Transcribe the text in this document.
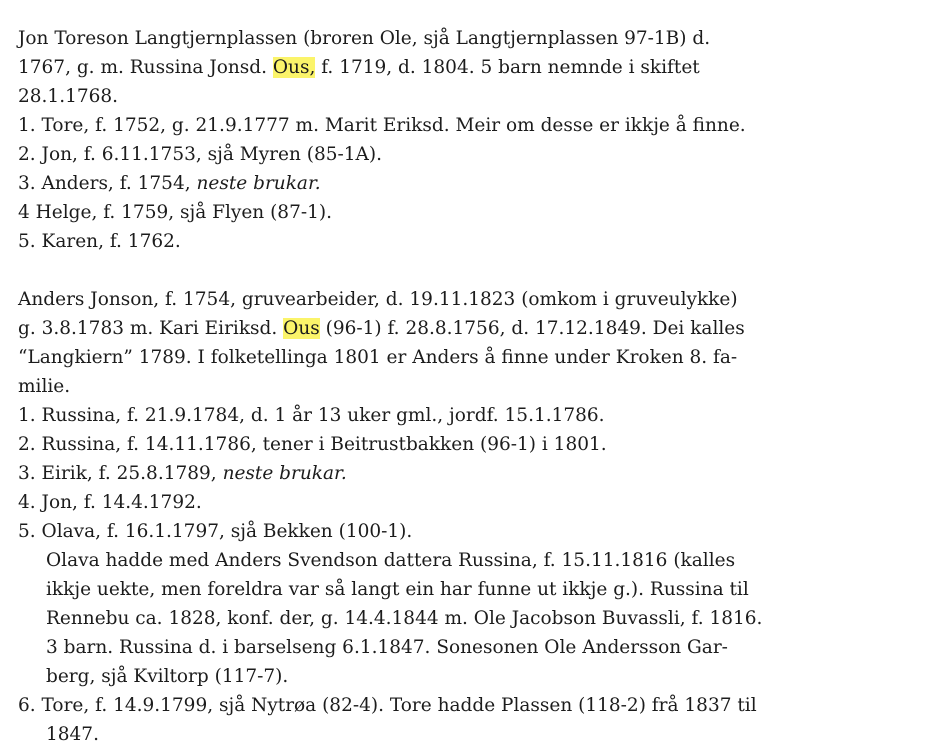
Jon Toreson Langtjernplassen (broren Ole, sjå Langtjernplassen 97-1B) d.
1767, g. m. Russina Jonsd. Ous, f. 1719, d. 1804. 5 barn nemnde i skiftet
28.1.1768.
1. Tore, f. 1752, g. 21.9.1777 m. Marit Eriksd. Meir om desse er ikkje å finne.
2. Jon, f. 6.11.1753, sjå Myren (85-1A).
3. Anders, f. 1754, neste brukar.
4 Helge, f. 1759, sjå Flyen (87-1).
5. Karen, f. 1762.
Anders Jonson, f. 1754, gruvearbeider, d. 19.11.1823 (omkom i gruveulykke)
g. 3.8.1783 m. Kari Eiriksd. Ous (96-1) f. 28.8.1756, d. 17.12.1849. Dei kalles
“Langkiern” 1789. I folketellinga 1801 er Anders å finne under Kroken 8. fa-
milie.
1. Russina, f. 21.9.1784, d. 1 år 13 uker gml., jordf. 15.1.1786.
2. Russina, f. 14.11.1786, tener i Beitrustbakken (96-1) i 1801.
3. Eirik, f. 25.8.1789, neste brukar.
4. Jon, f. 14.4.1792.
5. Olava, f. 16.1.1797, sjå Bekken (100-1).
Olava hadde med Anders Svendson dattera Russina, f. 15.11.1816 (kalles
ikkje uekte, men foreldra var så langt ein har funne ut ikkje g.). Russina til
Rennebu ca. 1828, konf. der, g. 14.4.1844 m. Ole Jacobson Buvassli, f. 1816.
3 barn. Russina d. i barselseng 6.1.1847. Sonesonen Ole Andersson Gar-
berg, sjå Kviltorp (117-7).
6. Tore, f. 14.9.1799, sjå Nytrøa (82-4). Tore hadde Plassen (118-2) frå 1837 til
1847.
